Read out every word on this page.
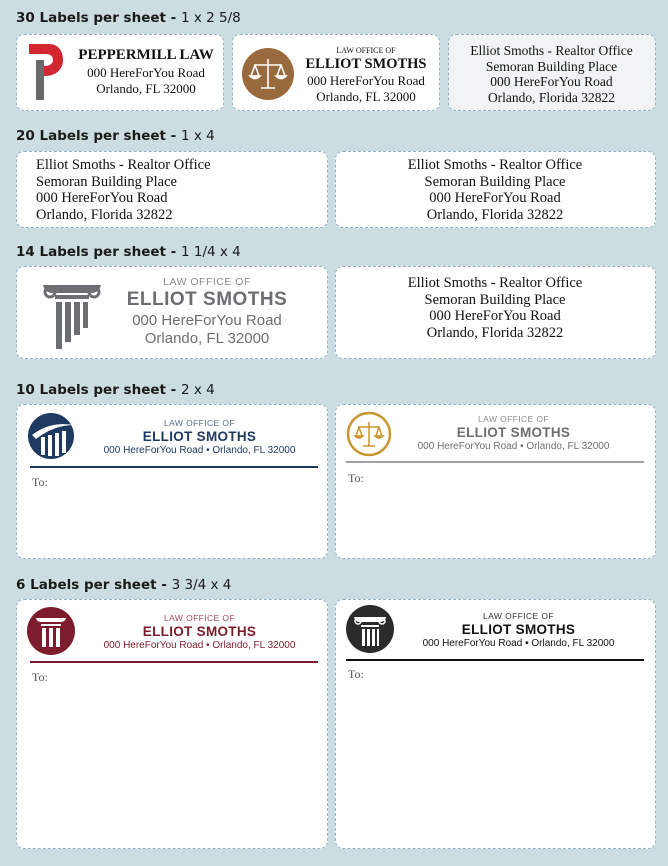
30 Labels per sheet - 1 x 2 5/8
PEPPERMILL LAW
000 HereForYou Road
Orlando, FL 32000
LAW OFFICE OF
ELLIOT SMOTHS
000 HereForYou Road
Orlando, FL 32000
Elliot Smoths - Realtor Office
Semoran Building Place
000 HereForYou Road
Orlando, Florida 32822
20 Labels per sheet - 1 x 4
Elliot Smoths - Realtor Office
Semoran Building Place
000 HereForYou Road
Orlando, Florida 32822
Elliot Smoths - Realtor Office
Semoran Building Place
000 HereForYou Road
Orlando, Florida 32822
14 Labels per sheet - 1 1/4 x 4
LAW OFFICE OF
ELLIOT SMOTHS
000 HereForYou Road
Orlando, FL 32000
Elliot Smoths - Realtor Office
Semoran Building Place
000 HereForYou Road
Orlando, Florida 32822
10 Labels per sheet - 2 x 4
LAW OFFICE OF
ELLIOT SMOTHS
000 HereForYou Road • Orlando, FL 32000
To:
LAW OFFICE OF
ELLIOT SMOTHS
000 HereForYou Road • Orlando, FL 32000
To:
6 Labels per sheet - 3 3/4 x 4
LAW OFFICE OF
ELLIOT SMOTHS
000 HereForYou Road • Orlando, FL 32000
To:
LAW OFFICE OF
ELLIOT SMOTHS
000 HereForYou Road • Orlando, FL 32000
To:
